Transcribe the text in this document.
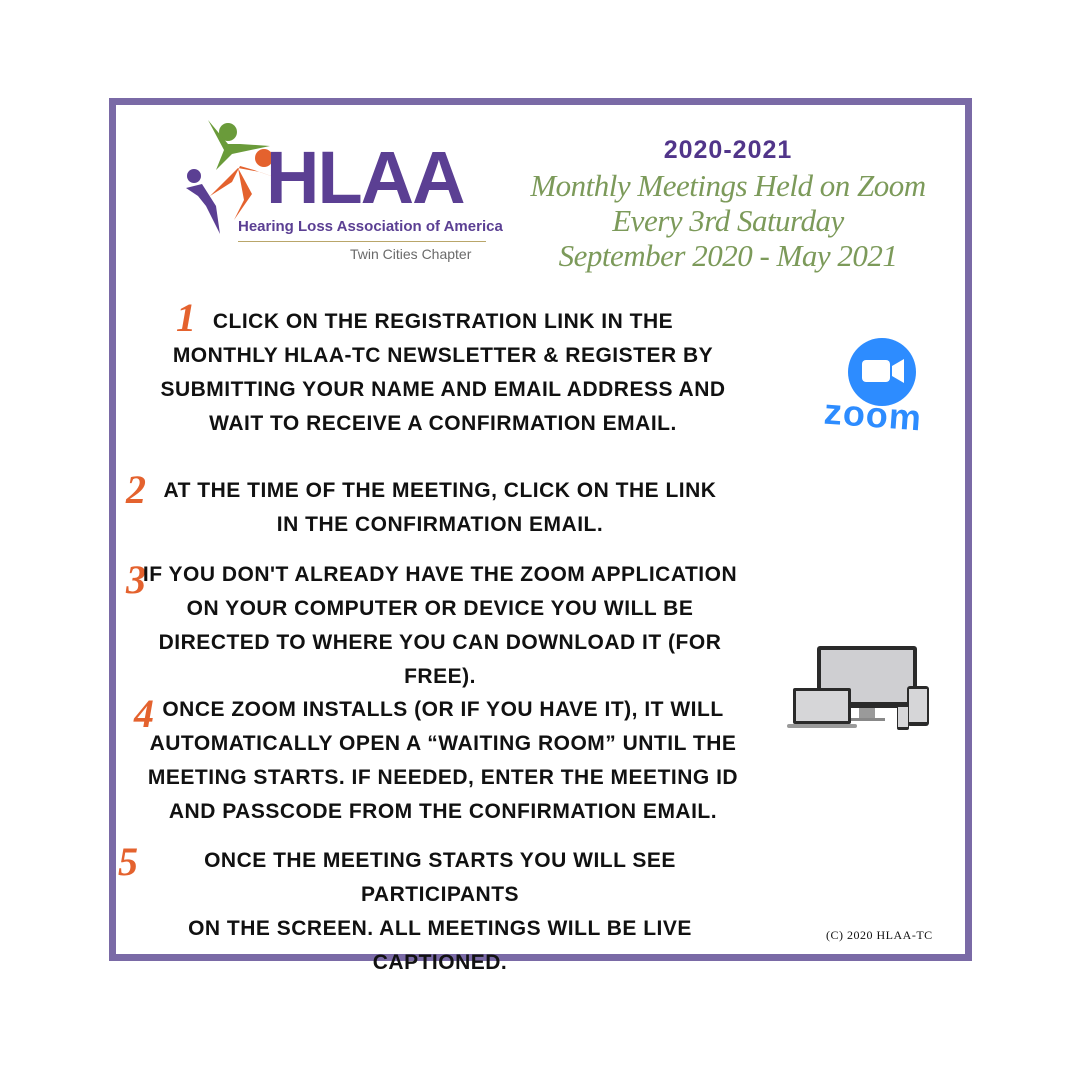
HLAA
Hearing Loss Association of America
Twin Cities Chapter
2020-2021
Monthly Meetings Held on Zoom
Every 3rd Saturday
September 2020 - May 2021
1 CLICK ON THE REGISTRATION LINK IN THE
MONTHLY HLAA-TC NEWSLETTER & REGISTER BY
SUBMITTING YOUR NAME AND EMAIL ADDRESS AND
WAIT TO RECEIVE A CONFIRMATION EMAIL.
2 AT THE TIME OF THE MEETING, CLICK ON THE LINK
IN THE CONFIRMATION EMAIL.
3
IF YOU DON'T ALREADY HAVE THE ZOOM APPLICATION
ON YOUR COMPUTER OR DEVICE YOU WILL BE
DIRECTED TO WHERE YOU CAN DOWNLOAD IT (FOR
FREE).
4 ONCE ZOOM INSTALLS (OR IF YOU HAVE IT), IT WILL
AUTOMATICALLY OPEN A “WAITING ROOM” UNTIL THE
MEETING STARTS. IF NEEDED, ENTER THE MEETING ID
AND PASSCODE FROM THE CONFIRMATION EMAIL.
5	ONCE THE MEETING STARTS YOU WILL SEE PARTICIPANTS
ON THE SCREEN. ALL MEETINGS WILL BE LIVE
CAPTIONED.
zoom
(C) 2020 HLAA-TC
